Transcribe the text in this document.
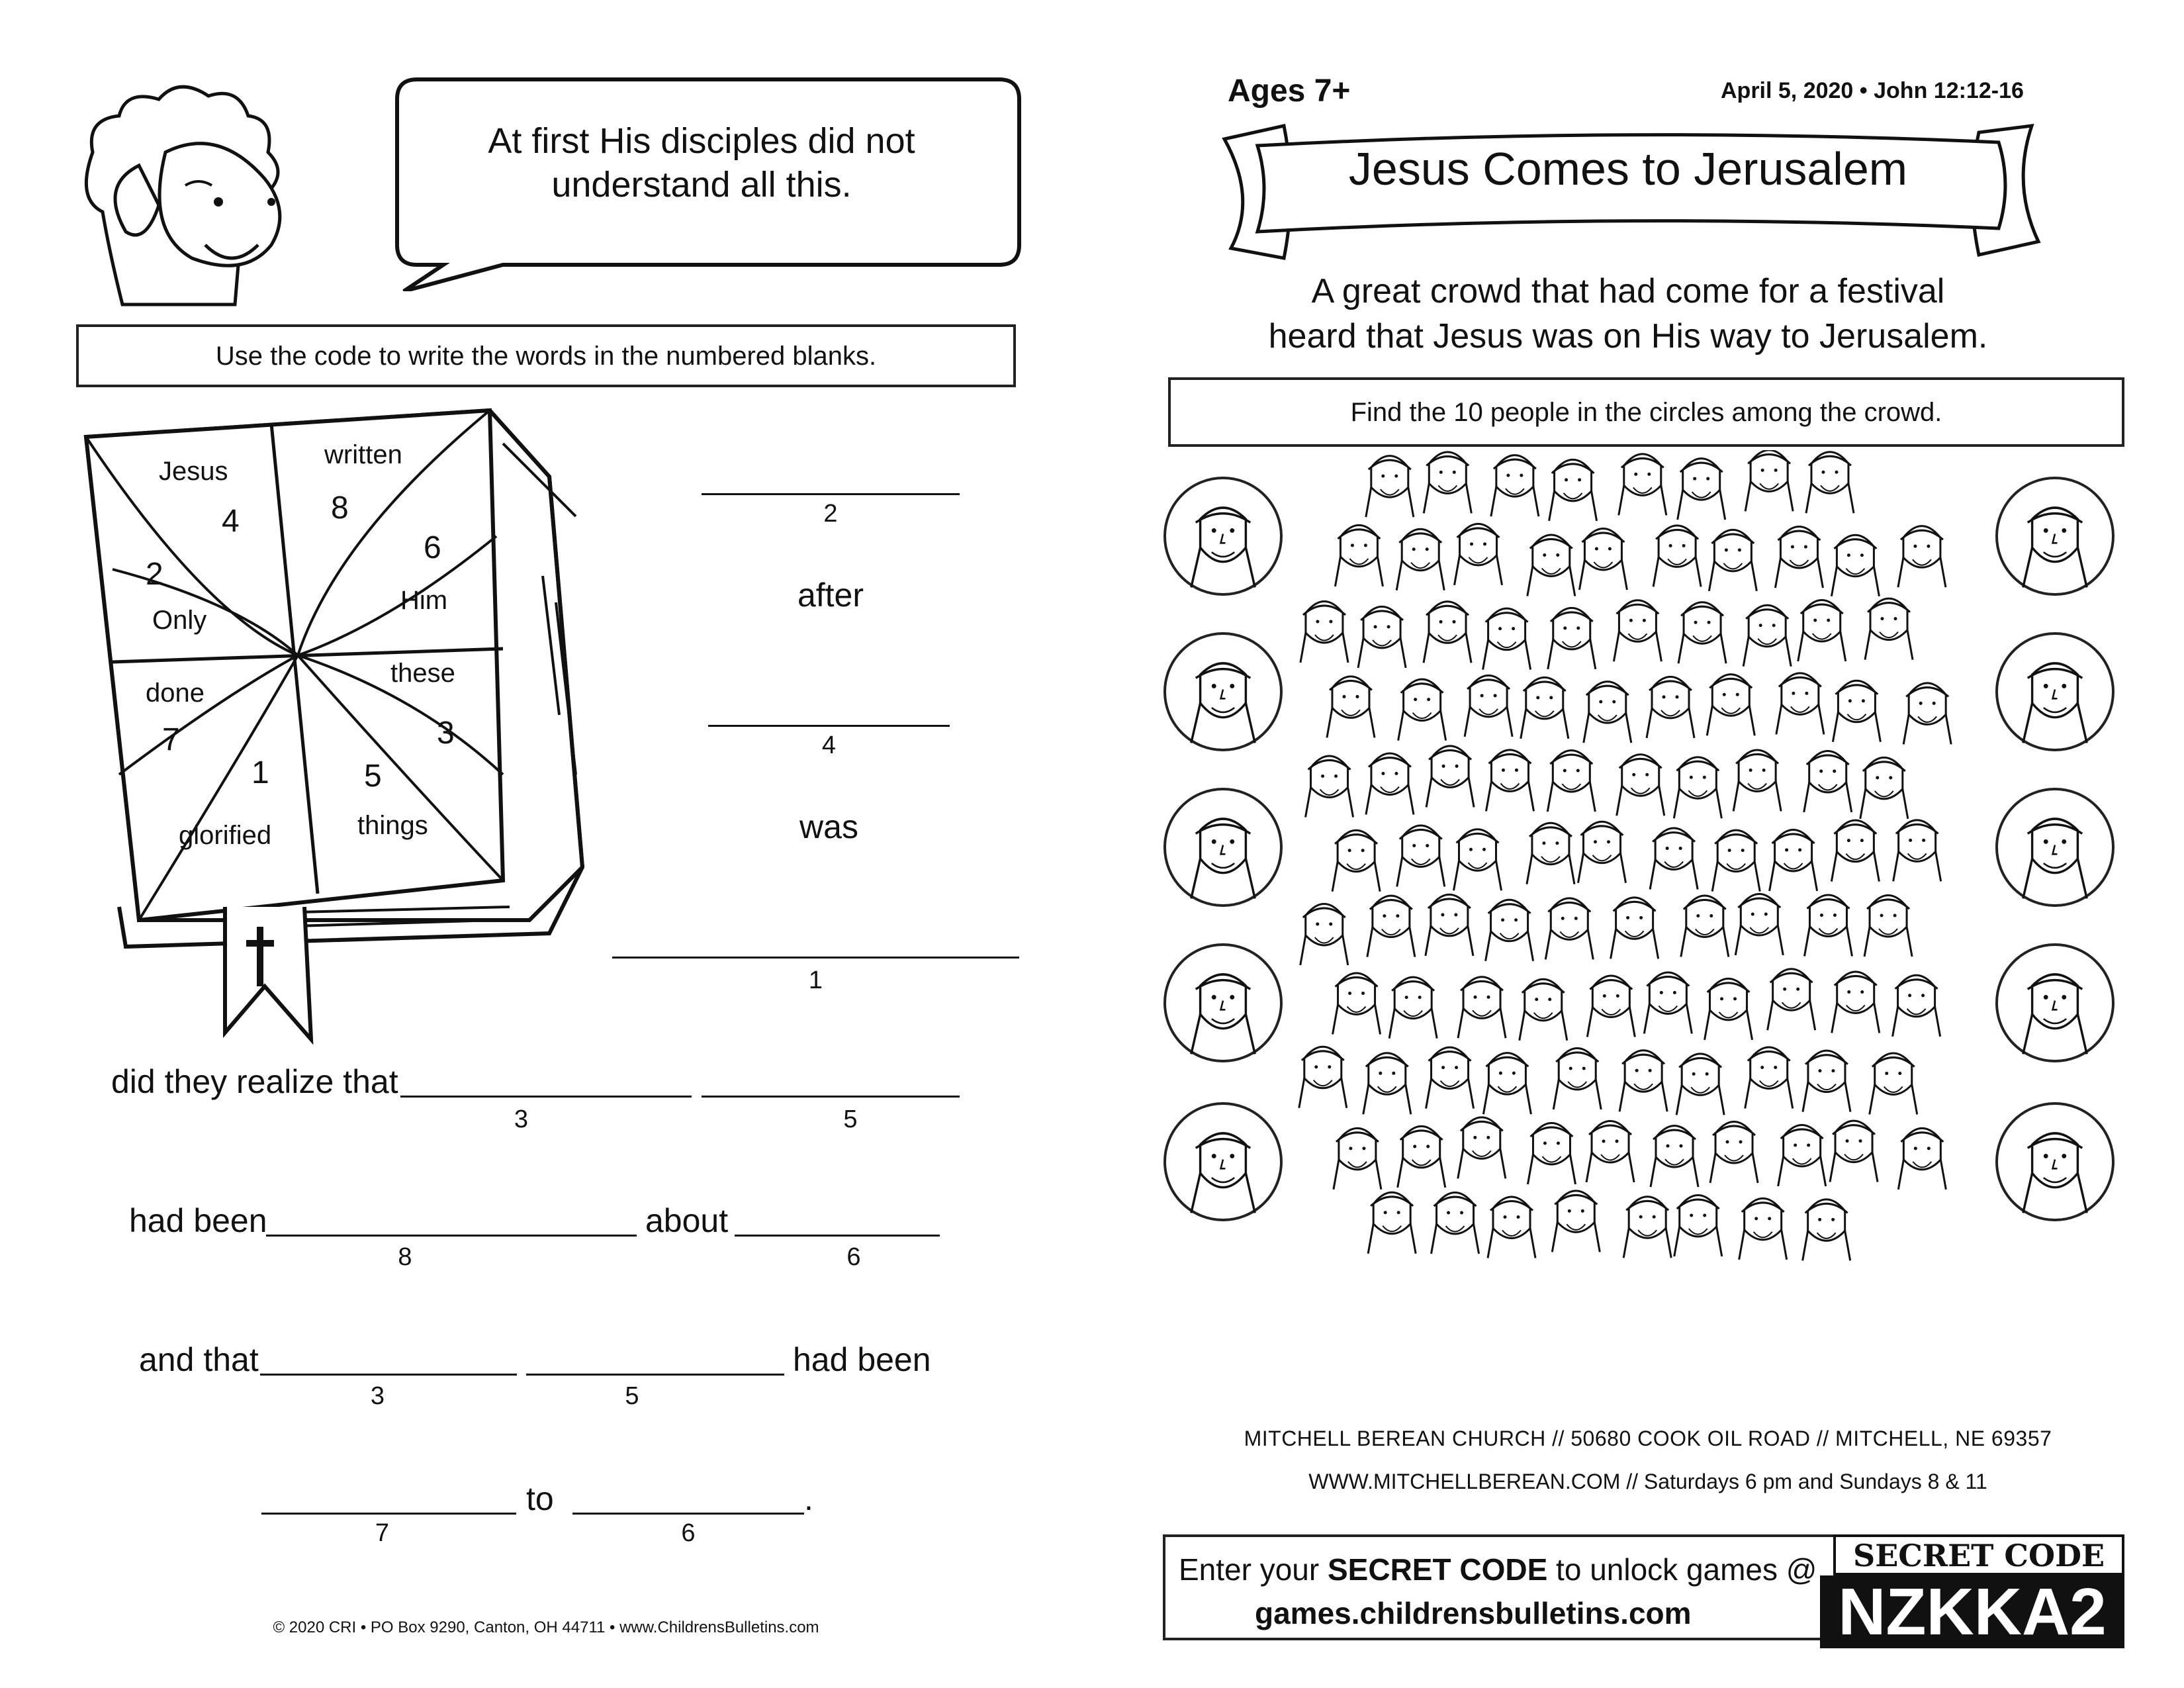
At first His disciples did not understand all this.
Use the code to write the words in the numbered blanks.
Jesus
4
written
8
Only
2
Him
6
done
7
these
3
glorified
1
things
5
2
after
4
was
1
did they realize that
3	5
had been
8
about
6
and that
3	5
had been
7
to
6
.
© 2020 CRI • PO Box 9290, Canton, OH 44711 • www.ChildrensBulletins.com
Ages 7+	April 5, 2020 • John 12:12-16
Jesus Comes to Jerusalem
A great crowd that had come for a festival
heard that Jesus was on His way to Jerusalem.
Find the 10 people in the circles among the crowd.
MITCHELL BEREAN CHURCH // 50680 COOK OIL ROAD // MITCHELL, NE 69357
WWW.MITCHELLBEREAN.COM // Saturdays 6 pm and Sundays 8 & 11
Enter your SECRET CODE to unlock games @
games.childrensbulletins.com
SECRET CODE
NZKKA2
